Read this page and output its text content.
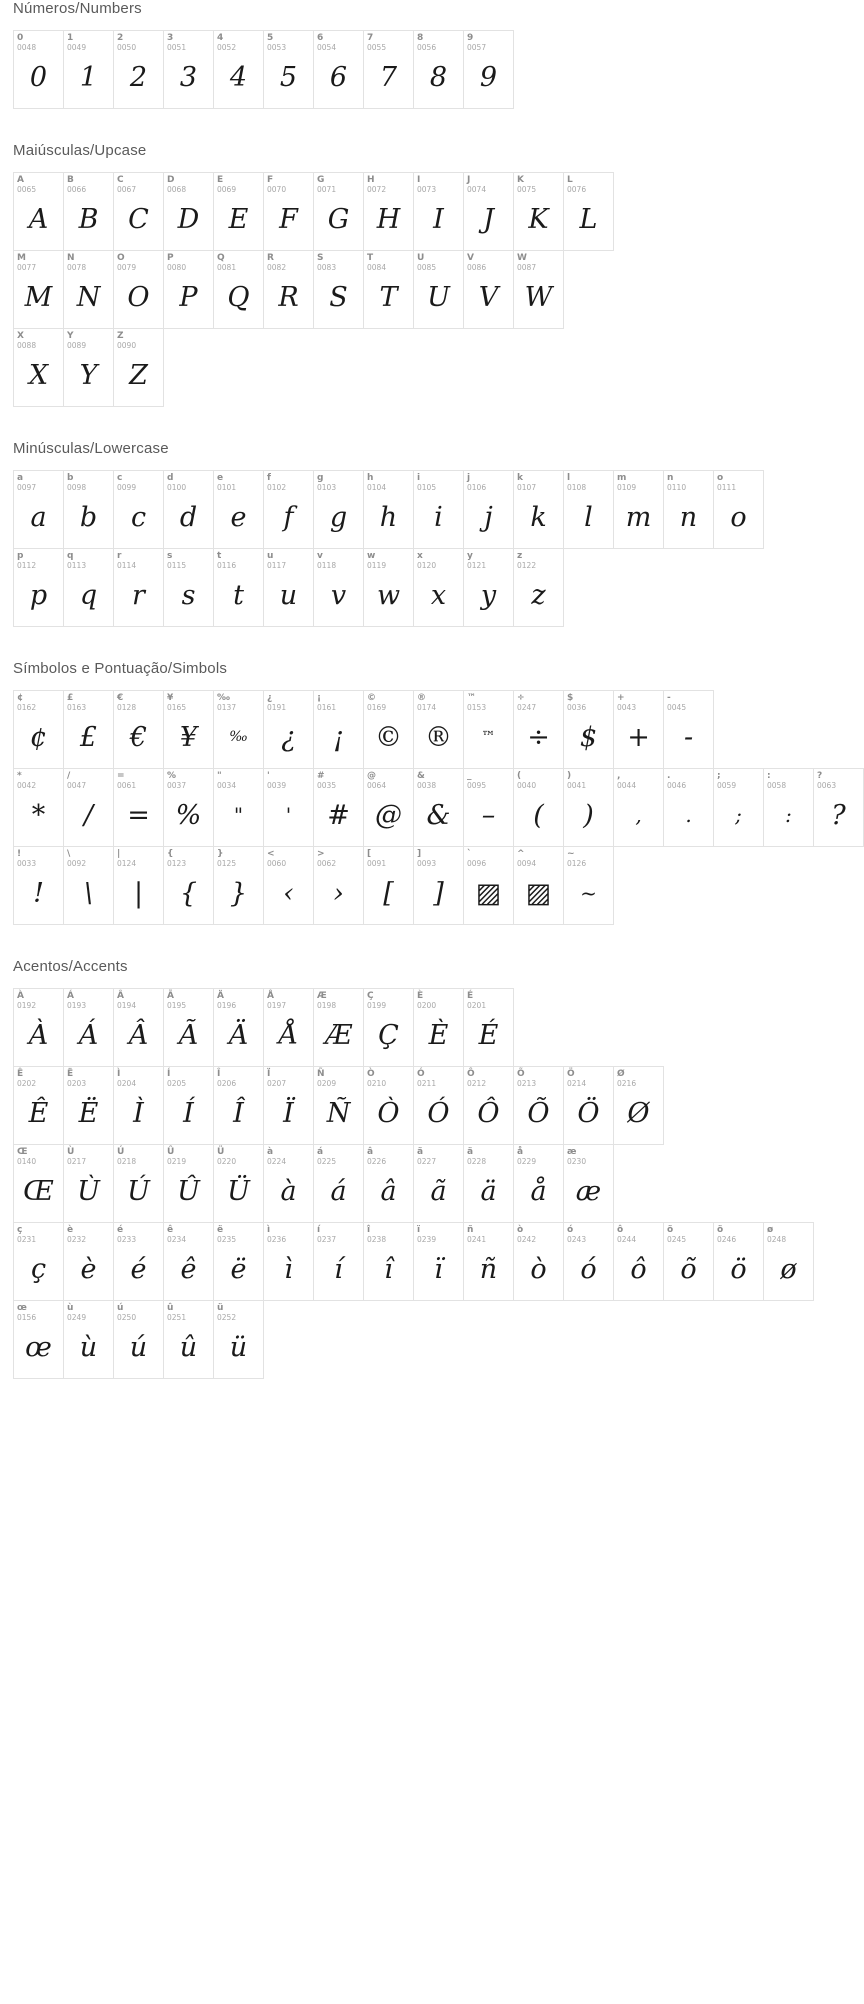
Números/Numbers
0
0048
0
1
0049
1
2
0050
2
3
0051
3
4
0052
4
5
0053
5
6
0054
6
7
0055
7
8
0056
8
9
0057
9
Maiúsculas/Upcase
A
0065
A
B
0066
B
C
0067
C
D
0068
D
E
0069
E
F
0070
F
G
0071
G
H
0072
H
I
0073
I
J
0074
J
K
0075
K
L
0076
L
M
0077
M
N
0078
N
O
0079
O
P
0080
P
Q
0081
Q
R
0082
R
S
0083
S
T
0084
T
U
0085
U
V
0086
V
W
0087
W
X
0088
X
Y
0089
Y
Z
0090
Z
Minúsculas/Lowercase
a
0097
a
b
0098
b
c
0099
c
d
0100
d
e
0101
e
f
0102
f
g
0103
g
h
0104
h
i
0105
i
j
0106
j
k
0107
k
l
0108
l
m
0109
m
n
0110
n
o
0111
o
p
0112
p
q
0113
q
r
0114
r
s
0115
s
t
0116
t
u
0117
u
v
0118
v
w
0119
w
x
0120
x
y
0121
y
z
0122
z
Símbolos e Pontuação/Simbols
¢
0162
¢
£
0163
£
€
0128
€
¥
0165
¥
‰
0137
‰
¿
0191
¿
¡
0161
¡
©
0169
©
®
0174
®
™
0153
™
÷
0247
÷
$
0036
$
+
0043
+
-
0045
-
*
0042
*
/
0047
/
=
0061
=
%
0037
%
"
0034
"
'
0039
'
#
0035
#
@
0064
@
&
0038
&
_
0095
–
(
0040
(
)
0041
)
,
0044
,
.
0046
.
;
0059
;
:
0058
:
?
0063
?
!
0033
!
\
0092
\
|
0124
|
{
0123
{
}
0125
}
<
0060
‹
>
0062
›
[
0091
[
]
0093
]
`
0096
▨
^
0094
▨
~
0126
~
Acentos/Accents
À
0192
À
Á
0193
Á
Â
0194
Â
Ã
0195
Ã
Ä
0196
Ä
Å
0197
Å
Æ
0198
Æ
Ç
0199
Ç
È
0200
È
É
0201
É
Ê
0202
Ê
Ë
0203
Ë
Ì
0204
Ì
Í
0205
Í
Î
0206
Î
Ï
0207
Ï
Ñ
0209
Ñ
Ò
0210
Ò
Ó
0211
Ó
Ô
0212
Ô
Õ
0213
Õ
Ö
0214
Ö
Ø
0216
Ø
Œ
0140
Œ
Ù
0217
Ù
Ú
0218
Ú
Û
0219
Û
Ü
0220
Ü
à
0224
à
á
0225
á
â
0226
â
ã
0227
ã
ä
0228
ä
å
0229
å
æ
0230
æ
ç
0231
ç
è
0232
è
é
0233
é
ê
0234
ê
ë
0235
ë
ì
0236
ì
í
0237
í
î
0238
î
ï
0239
ï
ñ
0241
ñ
ò
0242
ò
ó
0243
ó
ô
0244
ô
õ
0245
õ
ö
0246
ö
ø
0248
ø
œ
0156
œ
ù
0249
ù
ú
0250
ú
û
0251
û
ü
0252
ü
